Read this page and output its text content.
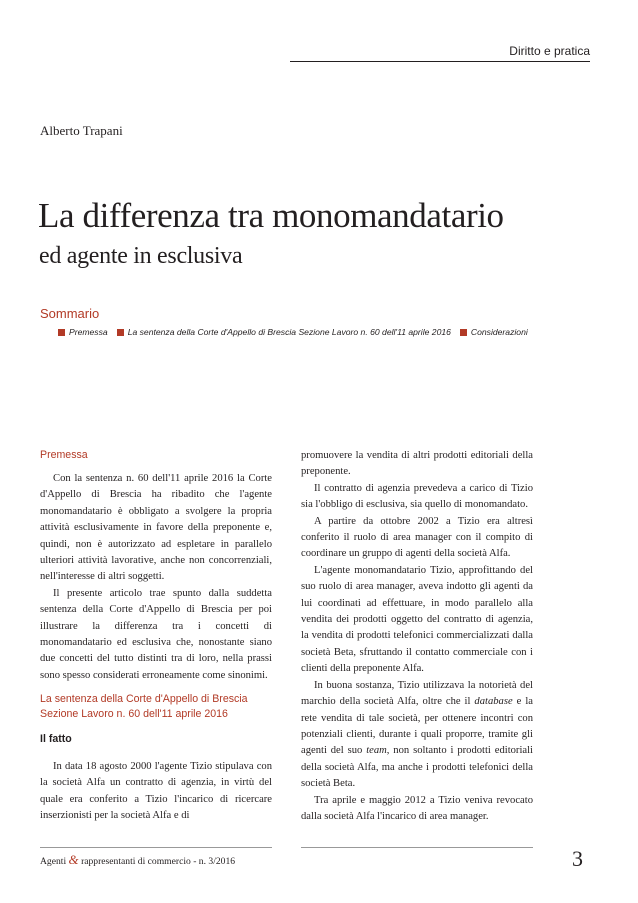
Diritto e pratica
Alberto Trapani
La differenza tra monomandatario
ed agente in esclusiva
Sommario
Premessa La sentenza della Corte d'Appello di Brescia Sezione Lavoro n. 60 dell'11 aprile 2016 Considerazioni
Premessa

Con la sentenza n. 60 dell'11 aprile 2016 la Corte d'Appello di Brescia ha ribadito che l'agente monomandatario è obbligato a svolgere la propria attività esclusivamente in favore della preponente e, quindi, non è autorizzato ad espletare in parallelo ulteriori attività lavorative, anche non concorrenziali, nell'interesse di altri soggetti.

Il presente articolo trae spunto dalla suddetta sentenza della Corte d'Appello di Brescia per poi illustrare la differenza tra i concetti di monomandatario ed esclusiva che, nonostante siano due concetti del tutto distinti tra di loro, nella prassi sono spesso considerati erroneamente come sinonimi.

La sentenza della Corte d'Appello di Brescia Sezione Lavoro n. 60 dell'11 aprile 2016
Il fatto

In data 18 agosto 2000 l'agente Tizio stipulava con la società Alfa un contratto di agenzia, in virtù del quale era conferito a Tizio l'incarico di ricercare inserzionisti per la società Alfa e di

promuovere la vendita di altri prodotti editoriali della preponente.

Il contratto di agenzia prevedeva a carico di Tizio sia l'obbligo di esclusiva, sia quello di monomandato.

A partire da ottobre 2002 a Tizio era altresì conferito il ruolo di area manager con il compito di coordinare un gruppo di agenti della società Alfa.

L'agente monomandatario Tizio, approfittando del suo ruolo di area manager, aveva indotto gli agenti da lui coordinati ad effettuare, in modo parallelo alla vendita dei prodotti oggetto del contratto di agenzia, la vendita di prodotti telefonici commercializzati dalla società Beta, sfruttando il contatto commerciale con i clienti della preponente Alfa.

In buona sostanza, Tizio utilizzava la notorietà del marchio della società Alfa, oltre che il database e la rete vendita di tale società, per ottenere incontri con potenziali clienti, durante i quali proporre, tramite gli agenti del suo team, non soltanto i prodotti editoriali della società Alfa, ma anche i prodotti telefonici della società Beta.

Tra aprile e maggio 2012 a Tizio veniva revocato dalla società Alfa l'incarico di area manager.

Agenti & rappresentanti di commercio - n. 3/2016	3
